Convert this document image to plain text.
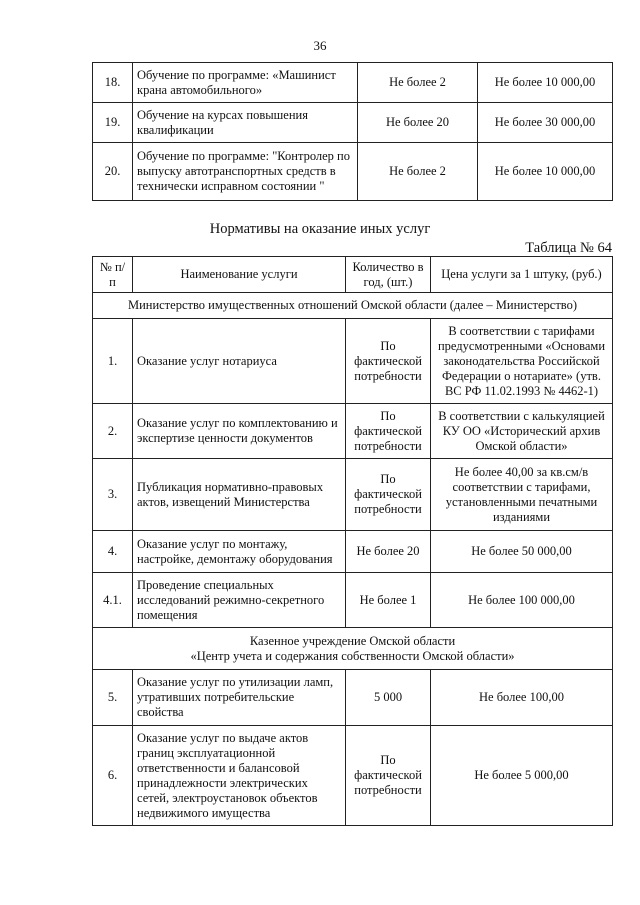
36
18.	Обучение по программе: «Машинист крана автомобильного»	Не более 2	Не более 10 000,00
19.	Обучение на курсах повышения квалификации	Не более 20	Не более 30 000,00
20.	Обучение по программе: "Контролер по выпуску автотранспортных средств в технически исправном состоянии "	Не более 2	Не более 10 000,00
Нормативы на оказание иных услуг
Таблица № 64
№ п/п	Наименование услуги	Количество в год, (шт.)	Цена услуги за 1 штуку, (руб.)
Министерство имущественных отношений Омской области (далее – Министерство)			
1.	Оказание услуг нотариуса	По фактической потребности	В соответствии с тарифами предусмотренными «Основами законодательства Российской Федерации о нотариате» (утв. ВС РФ 11.02.1993 № 4462-1)
2.	Оказание услуг по комплектованию и экспертизе ценности документов	По фактической потребности	В соответствии с калькуляцией КУ ОО «Исторический архив Омской области»
3.	Публикация нормативно-правовых актов, извещений Министерства	По фактической потребности	Не более 40,00 за кв.см/в соответствии с тарифами, установленными печатными изданиями
4.	Оказание услуг по монтажу, настройке, демонтажу оборудования	Не более 20	Не более 50 000,00
4.1.	Проведение специальных исследований режимно-секретного помещения	Не более 1	Не более 100 000,00

Казенное учреждение Омской области
«Центр учета и содержания собственности Омской области»			

5.	Оказание услуг по утилизации ламп, утративших потребительские свойства	5 000	Не более 100,00
6.	Оказание услуг по выдаче актов границ эксплуатационной ответственности и балансовой принадлежности электрических сетей, электроустановок объектов недвижимого имущества	По фактической потребности	Не более 5 000,00
